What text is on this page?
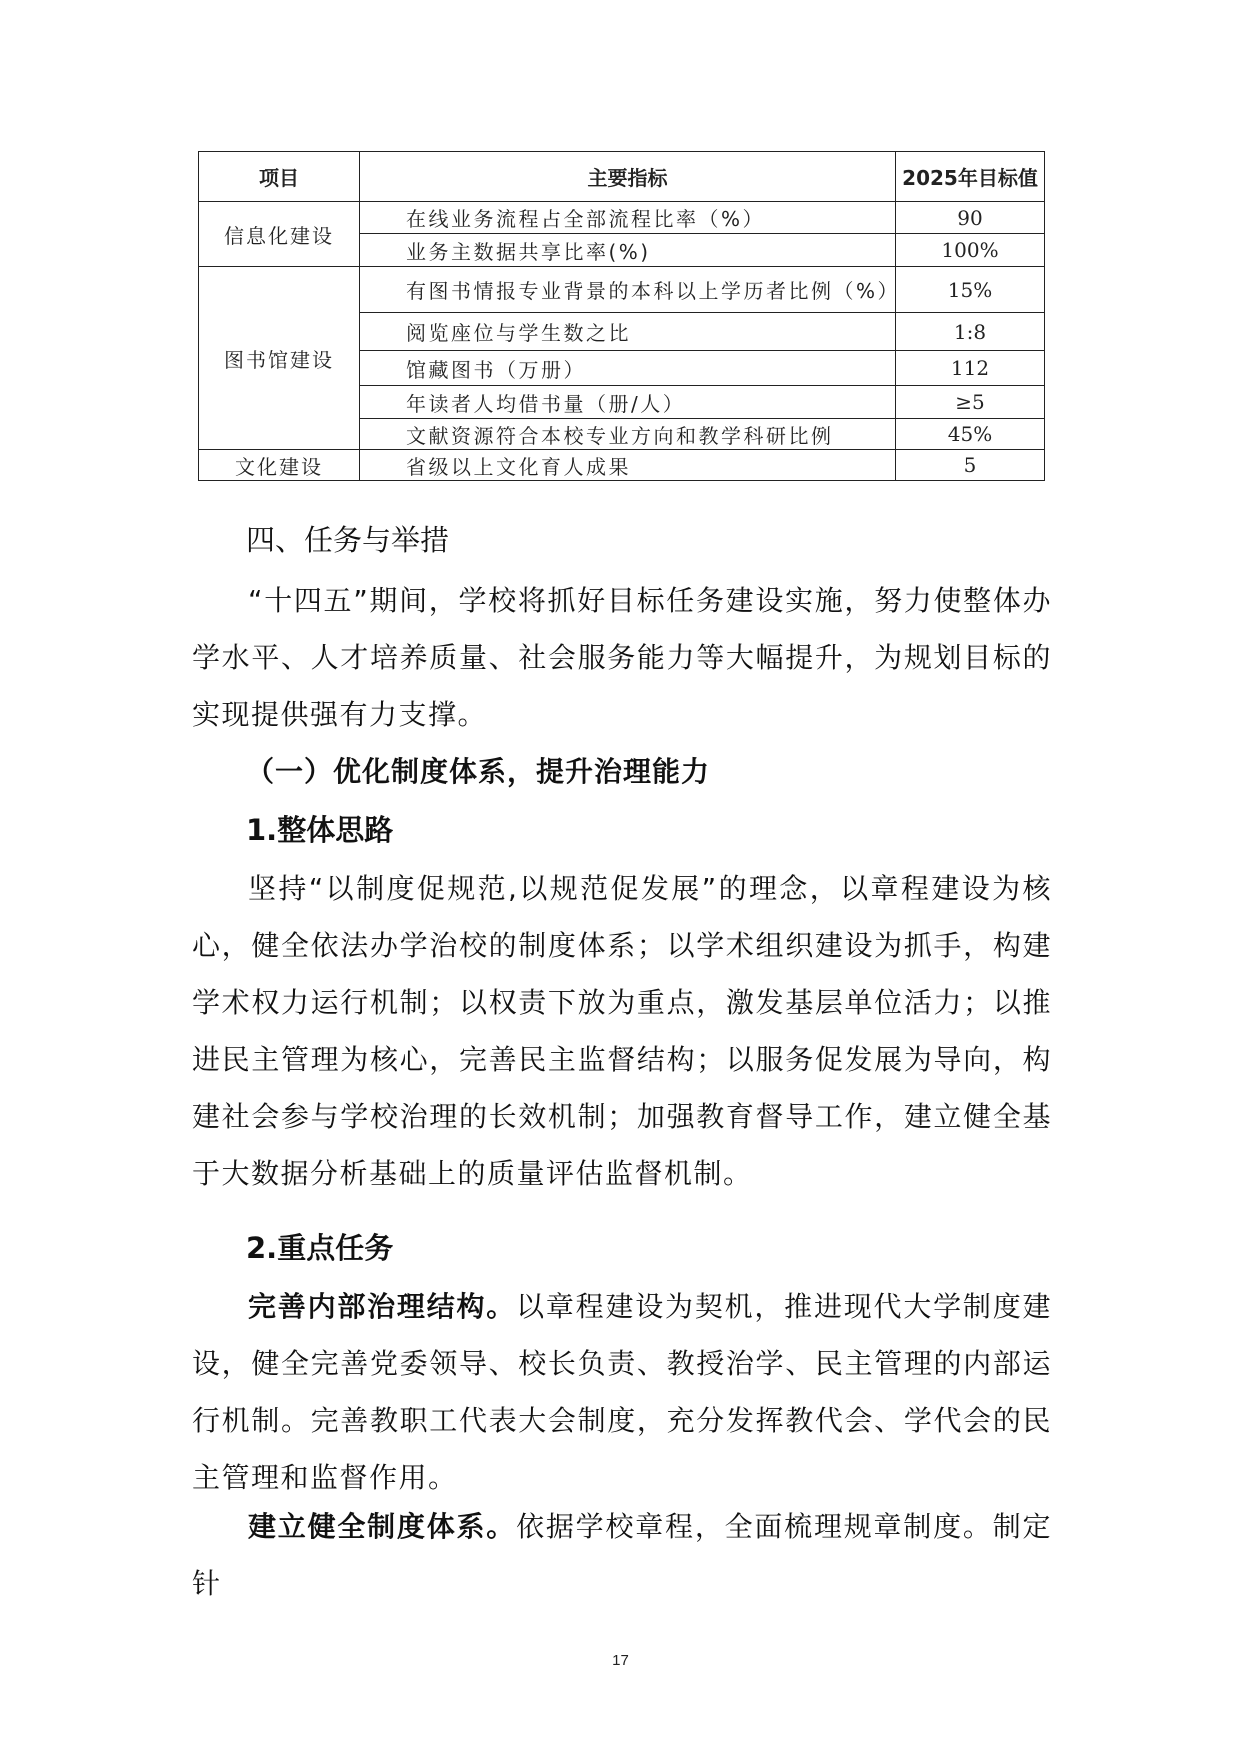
项目	主要指标	2025年目标值
信息化建设	在线业务流程占全部流程比率（%）	90
	业务主数据共享比率(%)	100%
图书馆建设	有图书情报专业背景的本科以上学历者比例（%）	15%
	阅览座位与学生数之比	1:8
	馆藏图书（万册）	112
	年读者人均借书量（册/人）	≥5
	文献资源符合本校专业方向和教学科研比例	45%
文化建设	省级以上文化育人成果	5
四、任务与举措
“十四五”期间，学校将抓好目标任务建设实施，努力使整体办学水平、人才培养质量、社会服务能力等大幅提升，为规划目标的实现提供强有力支撑。
（一）优化制度体系，提升治理能力
1.整体思路
坚持“以制度促规范,以规范促发展”的理念，以章程建设为核心，健全依法办学治校的制度体系；以学术组织建设为抓手，构建学术权力运行机制；以权责下放为重点，激发基层单位活力；以推进民主管理为核心，完善民主监督结构；以服务促发展为导向，构建社会参与学校治理的长效机制；加强教育督导工作，建立健全基于大数据分析基础上的质量评估监督机制。
2.重点任务
完善内部治理结构。以章程建设为契机，推进现代大学制度建设，健全完善党委领导、校长负责、教授治学、民主管理的内部运行机制。完善教职工代表大会制度，充分发挥教代会、学代会的民主管理和监督作用。
建立健全制度体系。依据学校章程，全面梳理规章制度。制定针
17
